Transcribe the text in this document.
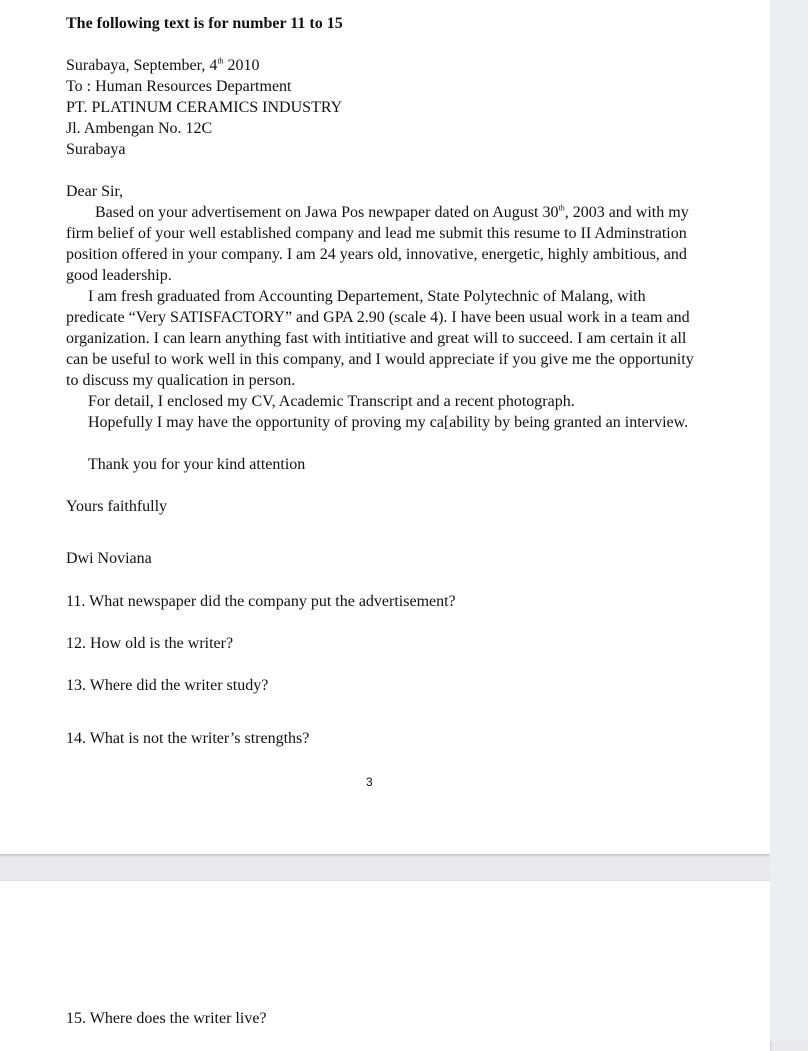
The following text is for number 11 to 15
Surabaya, September, 4th 2010
To : Human Resources Department
PT. PLATINUM CERAMICS INDUSTRY
Jl. Ambengan No. 12C
Surabaya
Dear Sir,
Based on your advertisement on Jawa Pos newpaper dated on August 30th, 2003 and with my firm belief of your well established company and lead me submit this resume to II Adminstration position offered in your company. I am 24 years old, innovative, energetic, highly ambitious, and good leadership.
I am fresh graduated from Accounting Departement, State Polytechnic of Malang, with predicate “Very SATISFACTORY” and GPA 2.90 (scale 4). I have been usual work in a team and organization. I can learn anything fast with intitiative and great will to succeed. I am certain it all can be useful to work well in this company, and I would appreciate if you give me the opportunity to discuss my qualication in person.
For detail, I enclosed my CV, Academic Transcript and a recent photograph.
Hopefully I may have the opportunity of proving my ca[ability by being granted an interview.
Thank you for your kind attention
Yours faithfully
Dwi Noviana
11. What newspaper did the company put the advertisement?
12. How old is the writer?
13. Where did the writer study?
14. What is not the writer’s strengths?
3
15. Where does the writer live?
